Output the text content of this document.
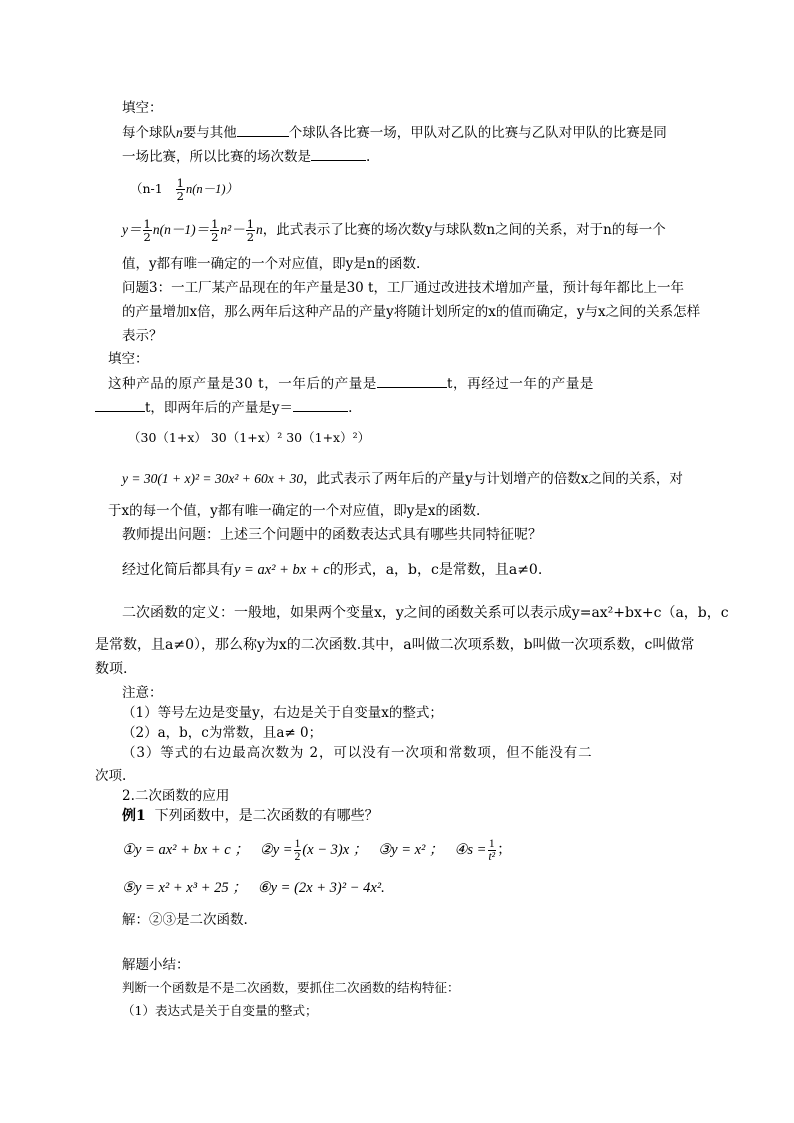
填空：
每个球队n要与其他	个球队各比赛一场，甲队对乙队的比赛与乙队对甲队的比赛是同
一场比赛，所以比赛的场次数是	.
$(n-1 \frac{1}{2} n(n-1))$
$y= \frac{1}{2} n(n-1)= \frac{1}{2} n^2- \frac{1}{2}$ n，此式表示了比赛的场次数y与球队数n之间的关系，对于n的每一个
值，y都有唯一确定的一个对应值，即y是n的函数.
问题3：一工厂某产品现在的年产量是30 t，工厂通过改进技术增加产量，预计每年都比上一年
的产量增加x倍，那么两年后这种产品的产量y将随计划所定的x的值而确定，y与x之间的关系怎样
表示？
填空：
这种产品的原产量是30 t，一年后的产量是	t，再经过一年的产量是
t，即两年后的产量是y＝	.
（30（1+x） 30（1+x）² 30（1+x）²）
y = 30(1 + x)² = 30x² + 60x + 30，此式表示了两年后的产量y与计划增产的倍数x之间的关系，对
于x的每一个值，y都有唯一确定的一个对应值，即y是x的函数.
教师提出问题：上述三个问题中的函数表达式具有哪些共同特征呢？
经过化简后都具有y = ax² + bx + c的形式，a，b，c是常数，且a≠0.
二次函数的定义：一般地，如果两个变量x，y之间的函数关系可以表示成y=ax²+bx+c（a，b，c
是常数，且a≠0），那么称y为x的二次函数.其中，a叫做二次项系数，b叫做一次项系数，c叫做常
数项.
注意：
（1）等号左边是变量y，右边是关于自变量x的整式；
（2）a，b，c为常数，且a≠ 0；
（3）等式的右边最高次数为 2，可以没有一次项和常数项，但不能没有二
次项.
2.二次函数的应用
例1 下列函数中，是二次函数的有哪些？
①y = ax² + bx + c ； ②y = $\frac{1}{2} (x - 3)x$ ； ③y = x² ； ④s = $\frac{1}{\text{t²}}$ ；
⑤y = x² + x³ + 25 ； ⑥y = (2x + 3)² − 4x².
解：②③是二次函数.
解题小结：
判断一个函数是不是二次函数，要抓住二次函数的结构特征：
（1）表达式是关于自变量的整式；
